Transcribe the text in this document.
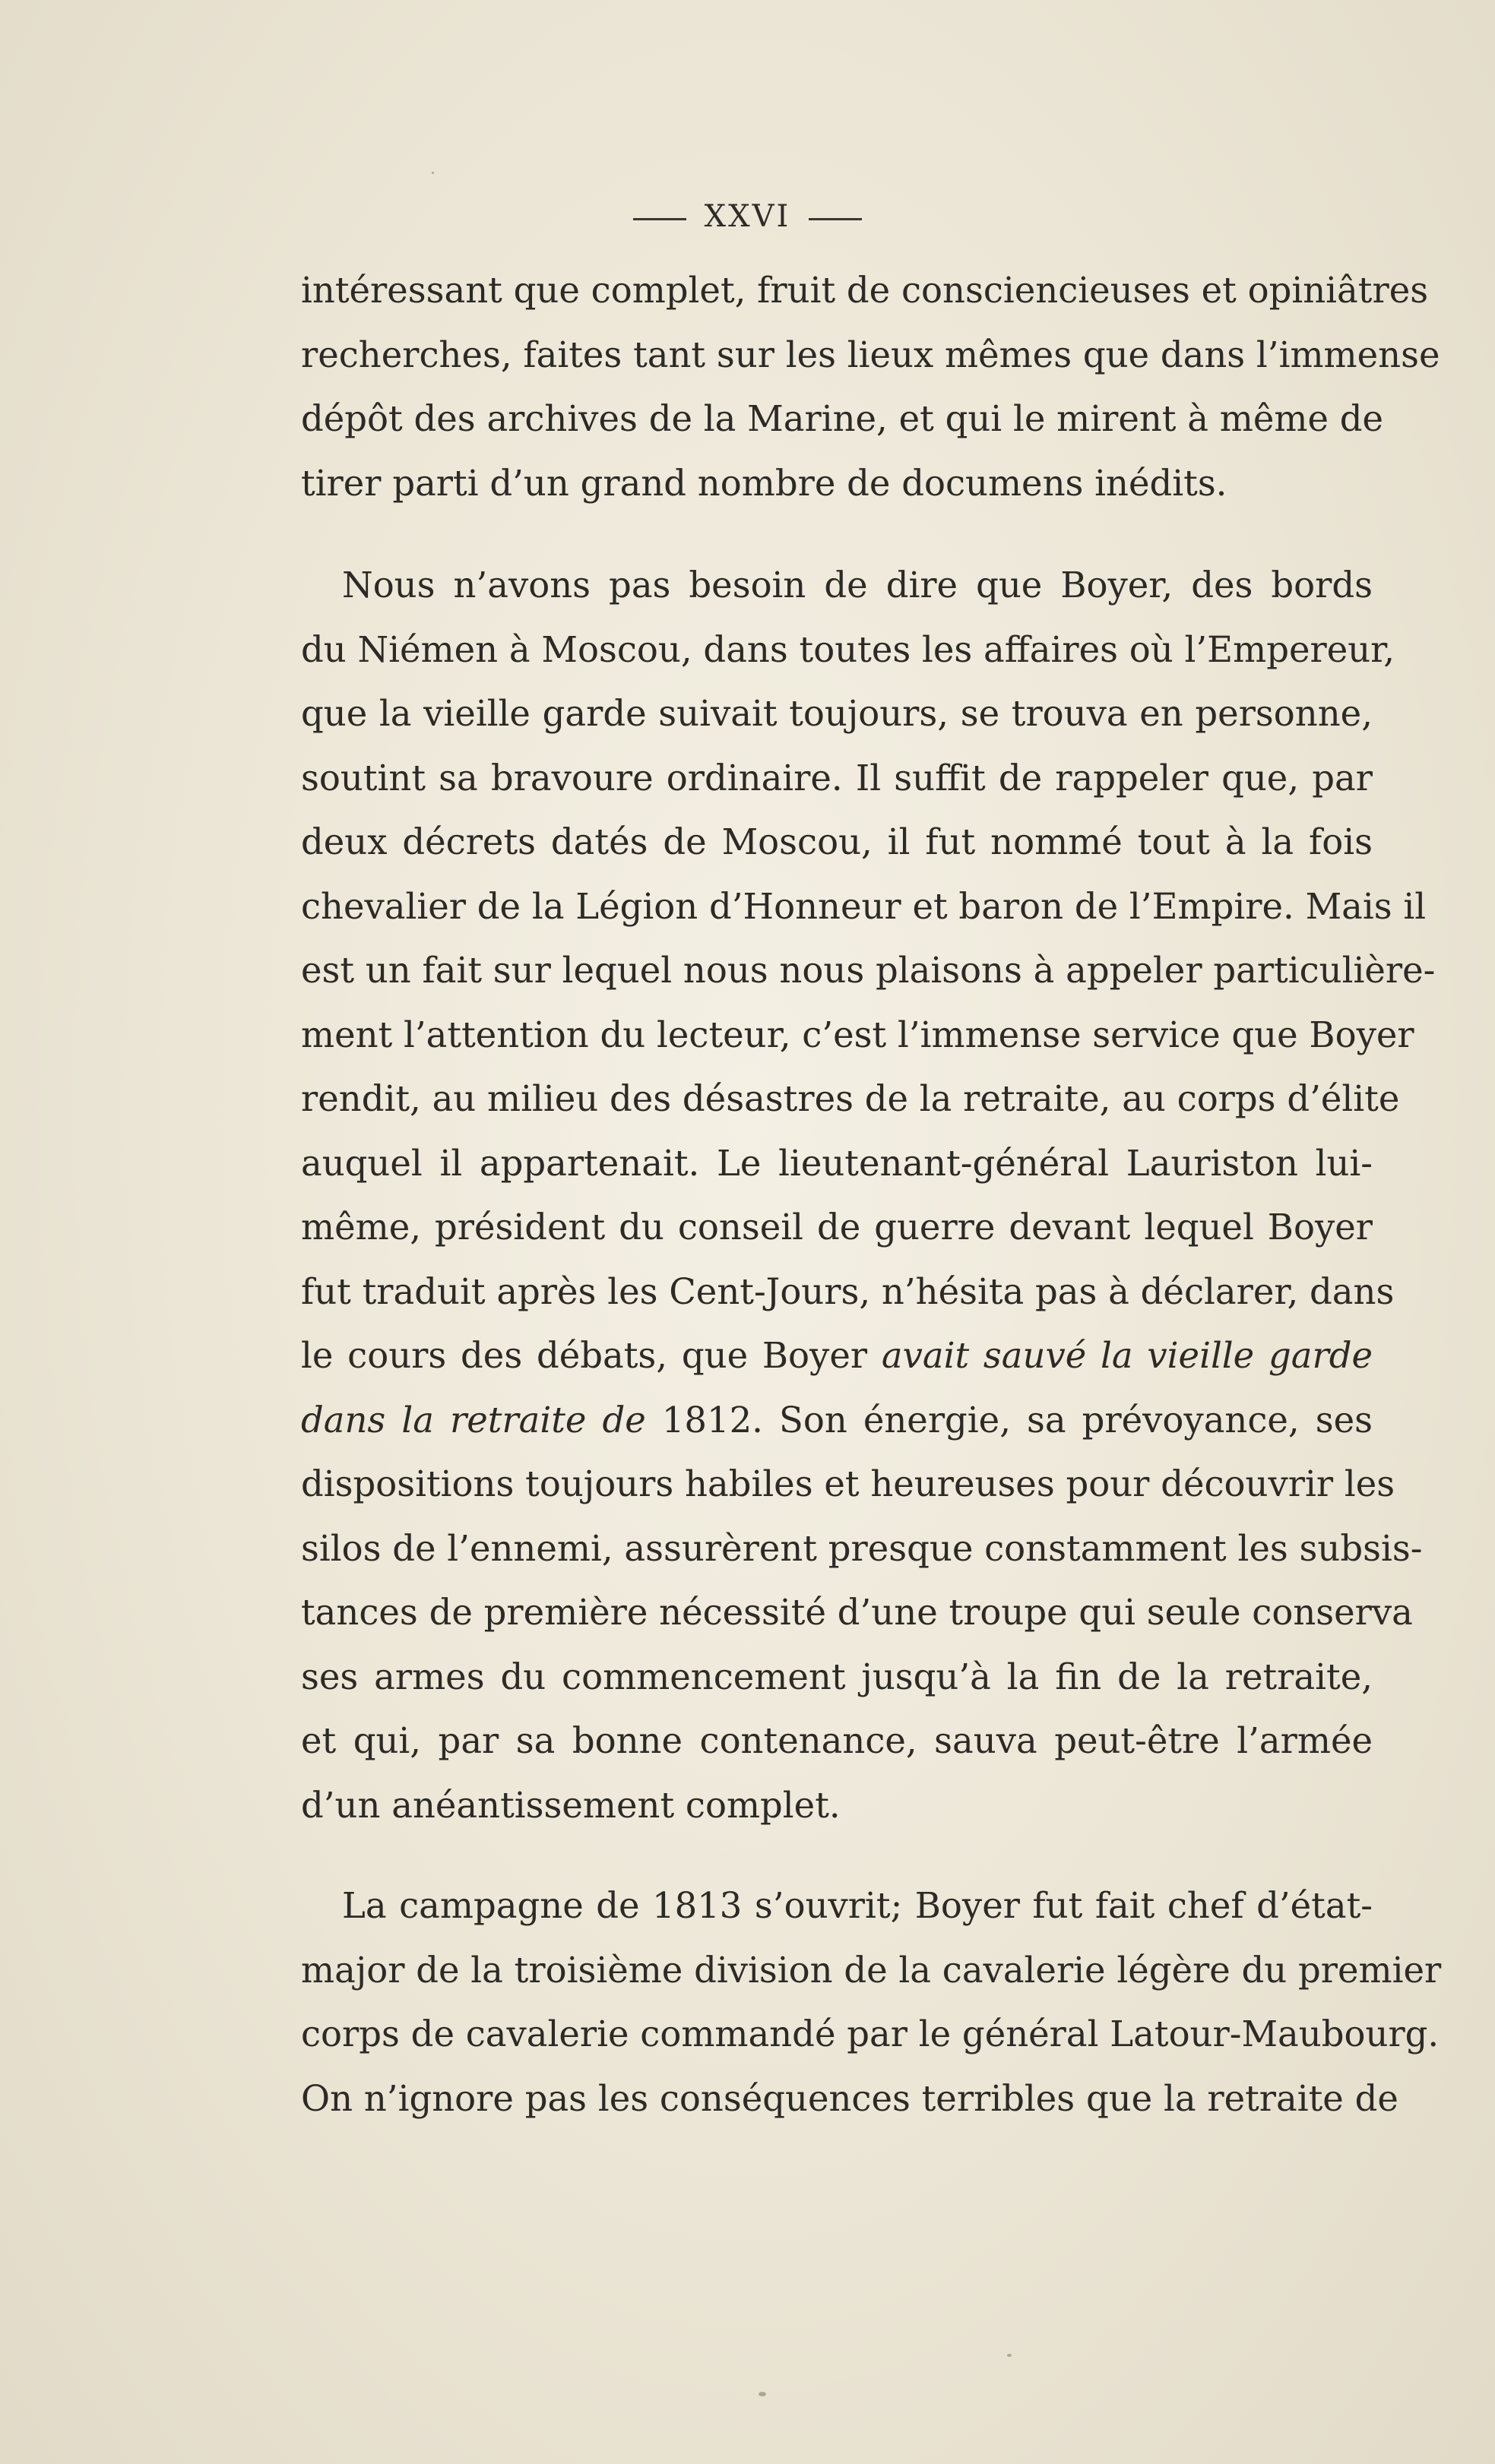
XXVI
intéressant que complet, fruit de consciencieuses et opiniâtres
recherches, faites tant sur les lieux mêmes que dans l’immense
dépôt des archives de la Marine, et qui le mirent à même de
tirer parti d’un grand nombre de documens inédits.
Nous n’avons pas besoin de dire que Boyer, des bords
du Niémen à Moscou, dans toutes les affaires où l’Empereur,
que la vieille garde suivait toujours, se trouva en personne,
soutint sa bravoure ordinaire. Il suffit de rappeler que, par
deux décrets datés de Moscou, il fut nommé tout à la fois
chevalier de la Légion d’Honneur et baron de l’Empire. Mais il
est un fait sur lequel nous nous plaisons à appeler particulière-
ment l’attention du lecteur, c’est l’immense service que Boyer
rendit, au milieu des désastres de la retraite, au corps d’élite
auquel il appartenait. Le lieutenant-général Lauriston lui-
même, président du conseil de guerre devant lequel Boyer
fut traduit après les Cent-Jours, n’hésita pas à déclarer, dans
le cours des débats, que Boyer avait sauvé la vieille garde
dans la retraite de 1812. Son énergie, sa prévoyance, ses
dispositions toujours habiles et heureuses pour découvrir les
silos de l’ennemi, assurèrent presque constamment les subsis-
tances de première nécessité d’une troupe qui seule conserva
ses armes du commencement jusqu’à la fin de la retraite,
et qui, par sa bonne contenance, sauva peut-être l’armée
d’un anéantissement complet.
La campagne de 1813 s’ouvrit; Boyer fut fait chef d’état-
major de la troisième division de la cavalerie légère du premier
corps de cavalerie commandé par le général Latour-Maubourg.
On n’ignore pas les conséquences terribles que la retraite de
